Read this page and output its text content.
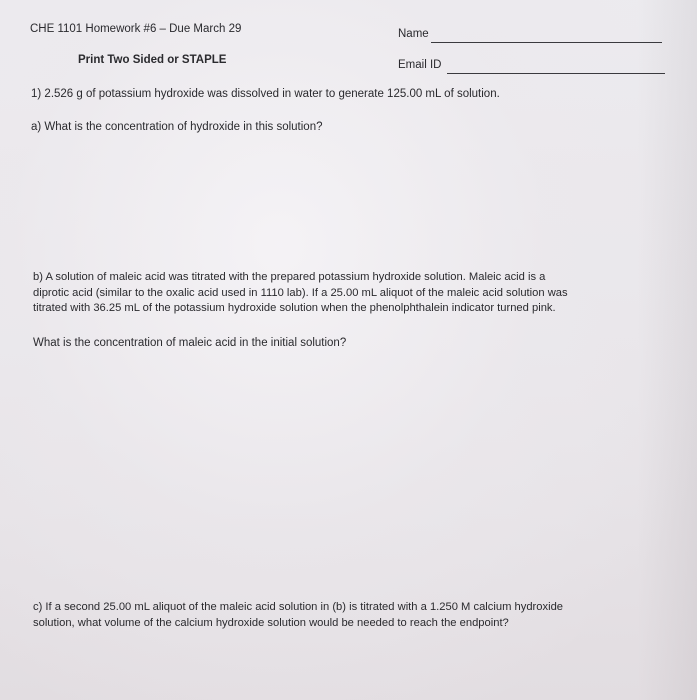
CHE 1101 Homework #6 – Due March 29	Name
Print Two Sided or STAPLE	Email ID
1) 2.526 g of potassium hydroxide was dissolved in water to generate 125.00 mL of solution.
a) What is the concentration of hydroxide in this solution?
b) A solution of maleic acid was titrated with the prepared potassium hydroxide solution. Maleic acid is a
diprotic acid (similar to the oxalic acid used in 1110 lab). If a 25.00 mL aliquot of the maleic acid solution was
titrated with 36.25 mL of the potassium hydroxide solution when the phenolphthalein indicator turned pink.
What is the concentration of maleic acid in the initial solution?
c) If a second 25.00 mL aliquot of the maleic acid solution in (b) is titrated with a 1.250 M calcium hydroxide
solution, what volume of the calcium hydroxide solution would be needed to reach the endpoint?
